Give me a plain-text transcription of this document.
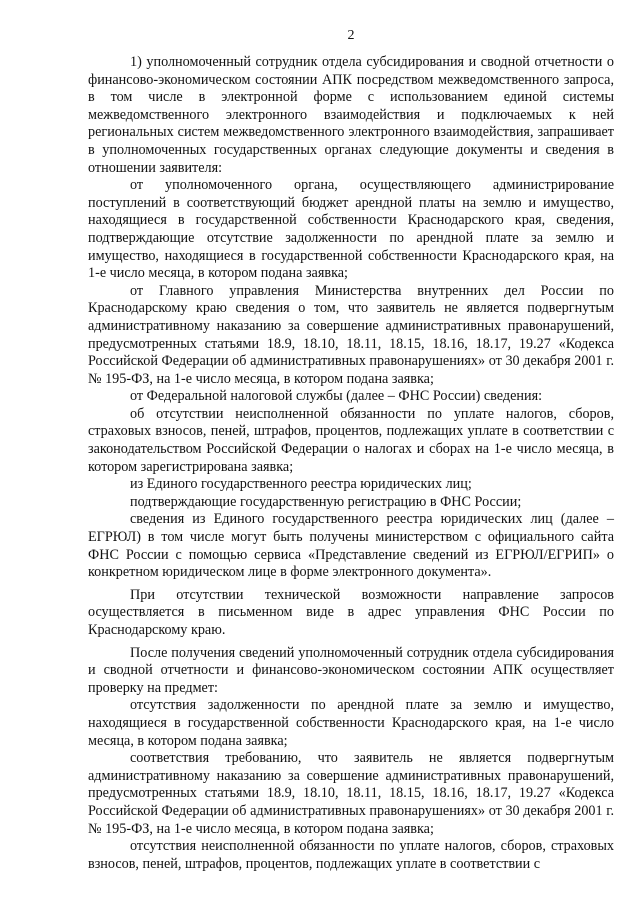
2

1) уполномоченный сотрудник отдела субсидирования и сводной отчетности о финансово-экономическом состоянии АПК посредством межведомственного запроса, в том числе в электронной форме с использованием единой системы межведомственного электронного взаимодействия и подключаемых к ней региональных систем межведомственного электронного взаимодействия, запрашивает в уполномоченных государственных органах следующие документы и сведения в отношении заявителя:

от уполномоченного органа, осуществляющего администрирование поступлений в соответствующий бюджет арендной платы на землю и имущество, находящиеся в государственной собственности Краснодарского края, сведения, подтверждающие отсутствие задолженности по арендной плате за землю и имущество, находящиеся в государственной собственности Краснодарского края, на 1-е число месяца, в котором подана заявка;

от Главного управления Министерства внутренних дел России по Краснодарскому краю сведения о том, что заявитель не является подвергнутым административному наказанию за совершение административных правонарушений, предусмотренных статьями 18.9, 18.10, 18.11, 18.15, 18.16, 18.17, 19.27 «Кодекса Российской Федерации об административных правонарушениях» от 30 декабря 2001 г. № 195-ФЗ, на 1-е число месяца, в котором подана заявка;

от Федеральной налоговой службы (далее – ФНС России) сведения:

об отсутствии неисполненной обязанности по уплате налогов, сборов, страховых взносов, пеней, штрафов, процентов, подлежащих уплате в соответствии с законодательством Российской Федерации о налогах и сборах на 1-е число месяца, в котором зарегистрирована заявка;

из Единого государственного реестра юридических лиц;

подтверждающие государственную регистрацию в ФНС России;

сведения из Единого государственного реестра юридических лиц (далее – ЕГРЮЛ) в том числе могут быть получены министерством с официального сайта ФНС России с помощью сервиса «Представление сведений из ЕГРЮЛ/ЕГРИП» о конкретном юридическом лице в форме электронного документа».

При отсутствии технической возможности направление запросов осуществляется в письменном виде в адрес управления ФНС России по Краснодарскому краю.

После получения сведений уполномоченный сотрудник отдела субсидирования и сводной отчетности и финансово-экономическом состоянии АПК осуществляет проверку на предмет:

отсутствия задолженности по арендной плате за землю и имущество, находящиеся в государственной собственности Краснодарского края, на 1-е число месяца, в котором подана заявка;

соответствия требованию, что заявитель не является подвергнутым административному наказанию за совершение административных правонарушений, предусмотренных статьями 18.9, 18.10, 18.11, 18.15, 18.16, 18.17, 19.27 «Кодекса Российской Федерации об административных правонарушениях» от 30 декабря 2001 г. № 195-ФЗ, на 1-е число месяца, в котором подана заявка;

отсутствия неисполненной обязанности по уплате налогов, сборов, страховых взносов, пеней, штрафов, процентов, подлежащих уплате в соответствии с
